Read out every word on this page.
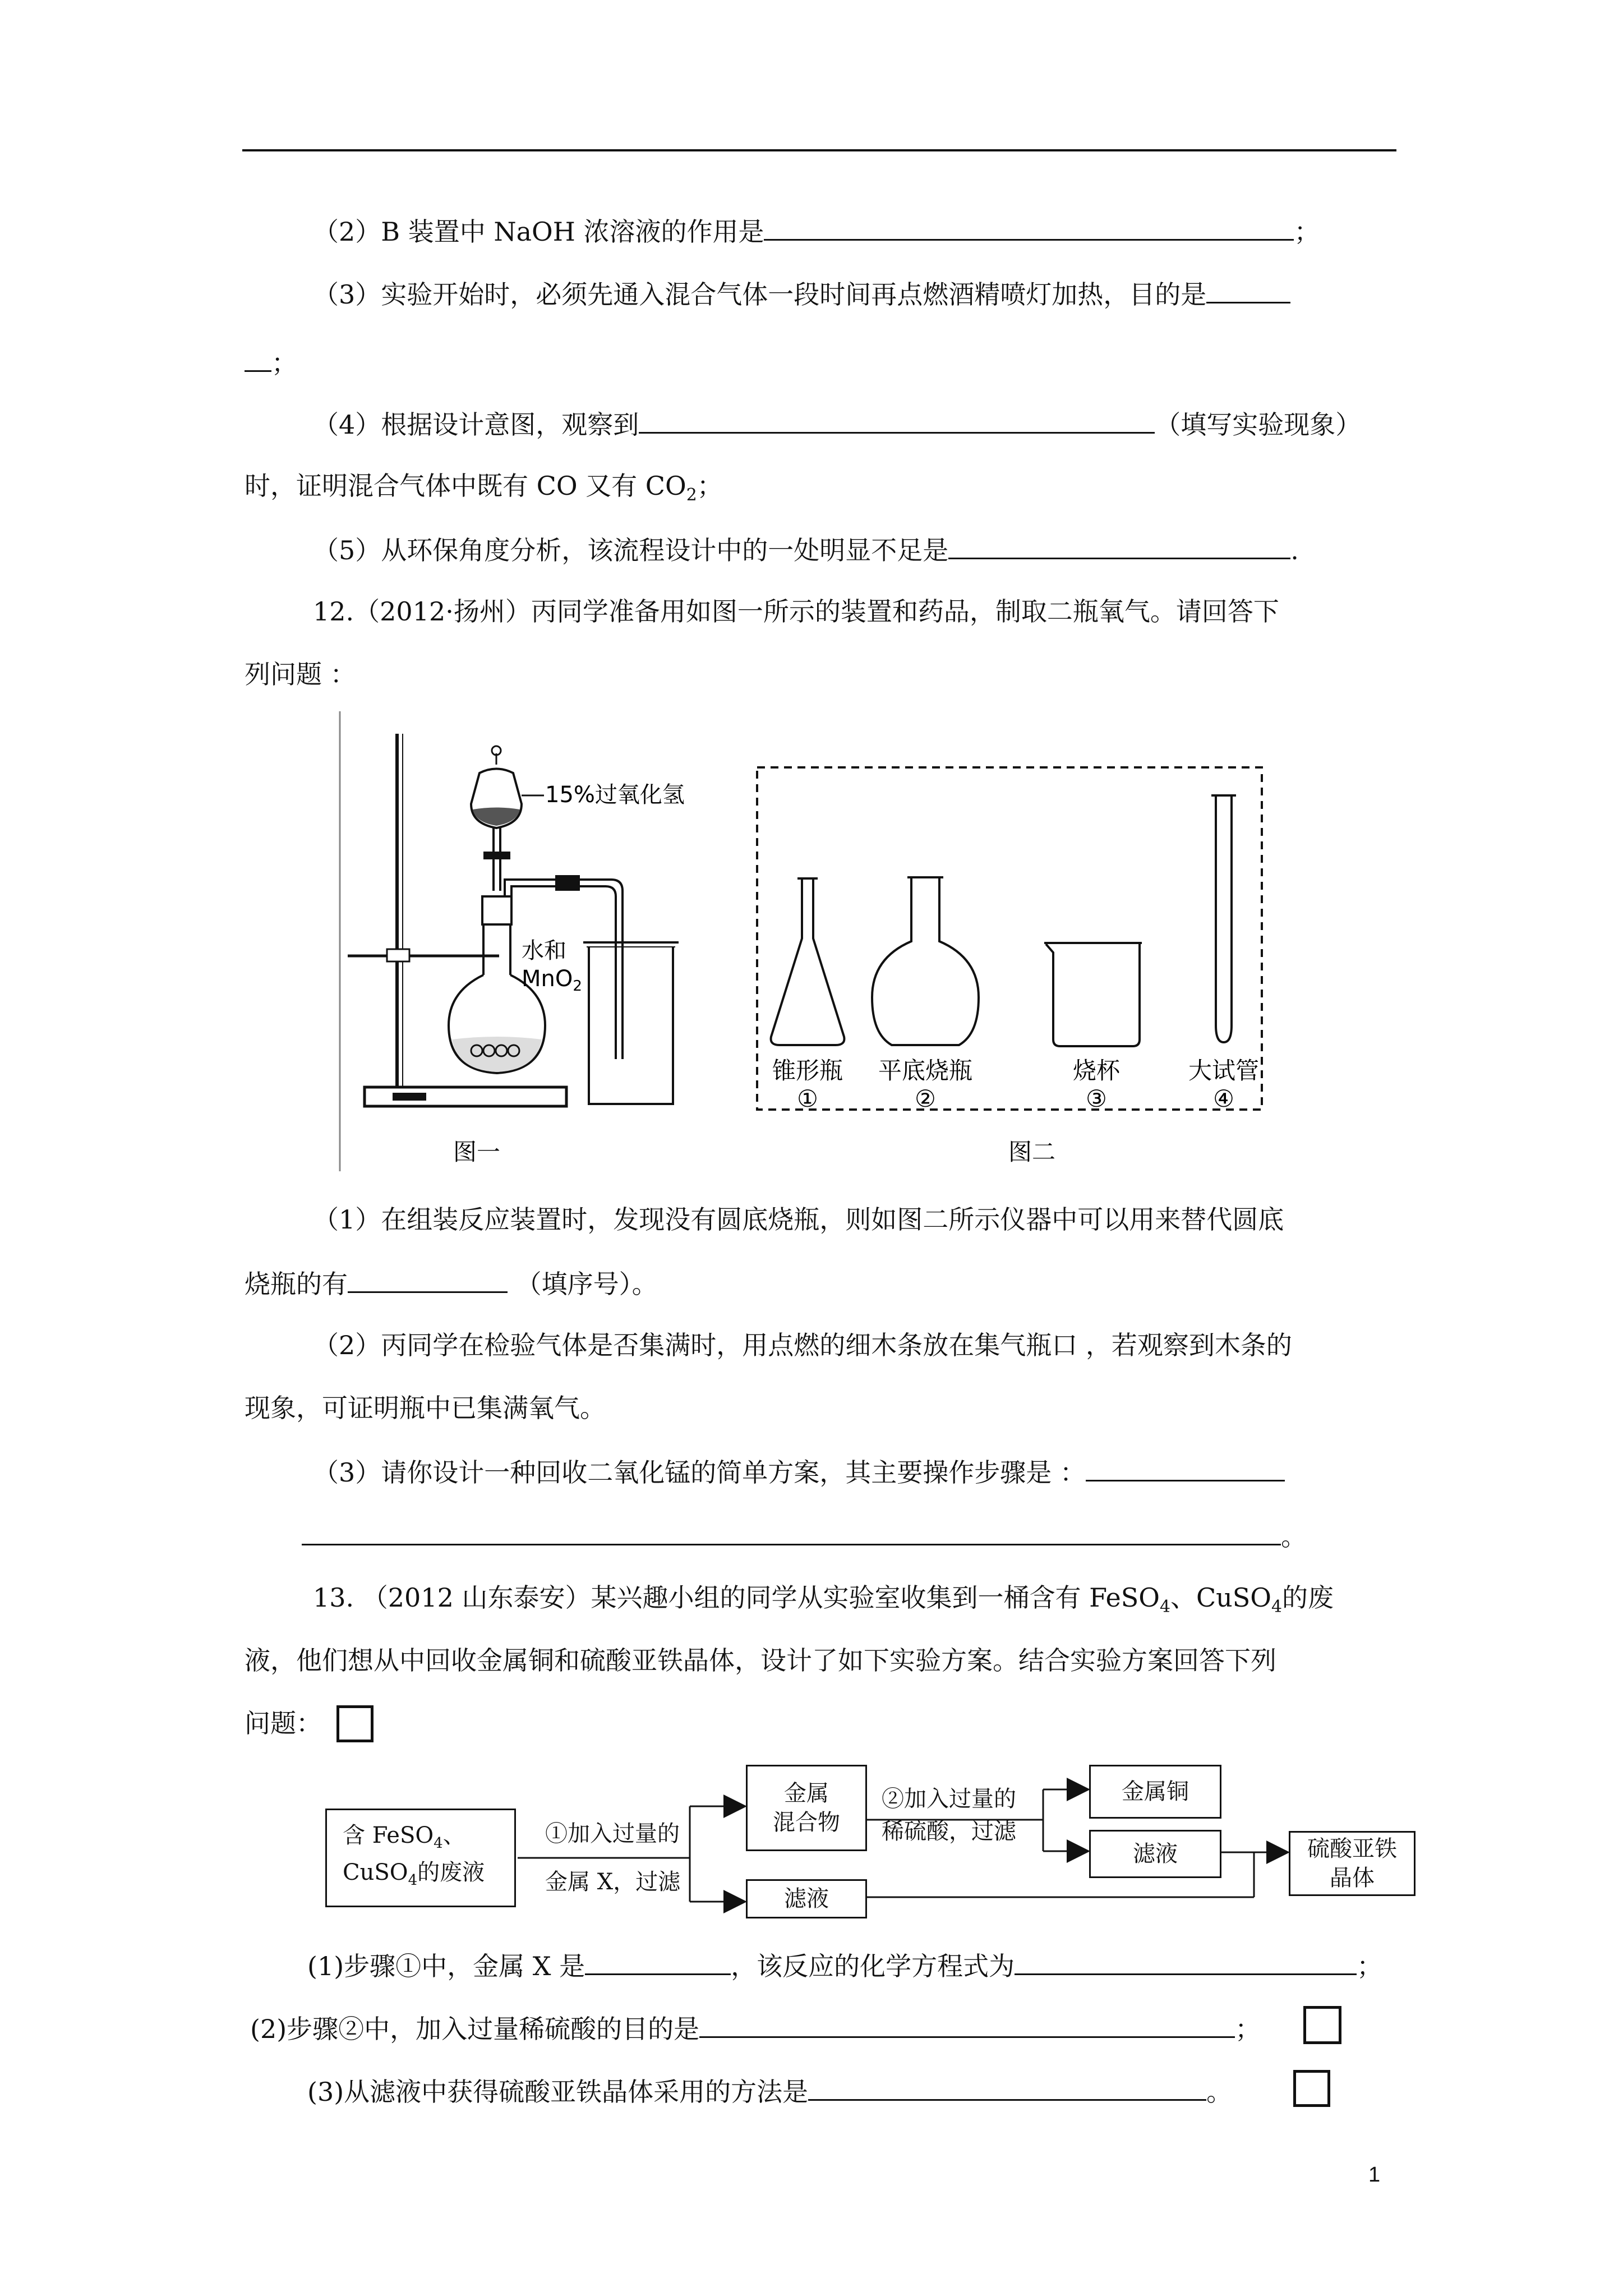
（2）B 装置中 NaOH 浓溶液的作用是	；
（3）实验开始时，必须先通入混合气体一段时间再点燃酒精喷灯加热，目的是
；
（4）根据设计意图，观察到	（填写实验现象）
时，证明混合气体中既有 CO 又有 $CO_2$；
（5）从环保角度分析，该流程设计中的一处明显不足是	.
12.（2012·扬州）丙同学准备用如图一所示的装置和药品，制取二瓶氧气。请回答下
列问题 ：
15%过氧化氢
水和
MnO$_2$
图一
锥形瓶
①
平底烧瓶
②
烧杯
③
大试管
④
图二
（1）在组装反应装置时，发现没有圆底烧瓶，则如图二所示仪器中可以用来替代圆底
烧瓶的有	（填序号）。
（2）丙同学在检验气体是否集满时，用点燃的细木条放在集气瓶口 ，若观察到木条的
现象，可证明瓶中已集满氧气。
（3）请你设计一种回收二氧化锰的简单方案，其主要操作步骤是 ：
。
13. （2012 山东泰安）某兴趣小组的同学从实验室收集到一桶含有 FeSO$_4$、CuSO$_4$的废
液，他们想从中回收金属铜和硫酸亚铁晶体，设计了如下实验方案。结合实验方案回答下列
问题：
含 FeSO$_4$、
CuSO$_4$的废液
①加入过量的
金属 X，过滤
金属
混合物
滤液
②加入过量的
稀硫酸，过滤
金属铜
滤液	硫酸亚铁
晶体
(1)步骤①中，金属 X 是	，该反应的化学方程式为	；
(2)步骤②中，加入过量稀硫酸的目的是	；
(3)从滤液中获得硫酸亚铁晶体采用的方法是	。
1
